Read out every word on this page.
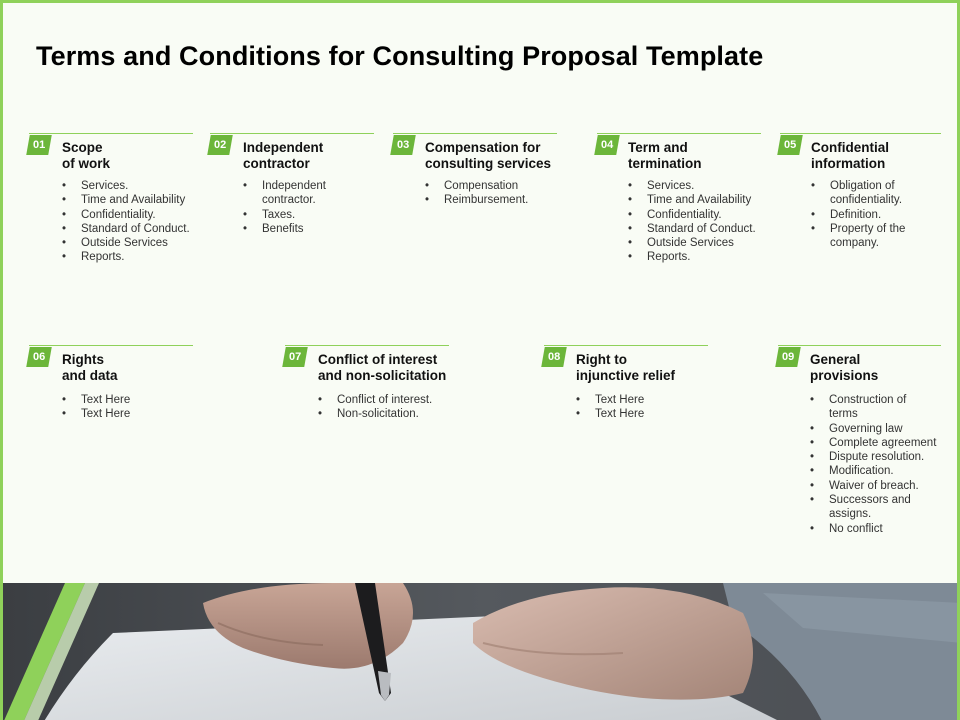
Terms and Conditions for Consulting Proposal Template
01	Scope
of work
• Services.
• Time and Availability
• Confidentiality.
• Standard of Conduct.
• Outside Services
• Reports.
02	Independent
contractor
• Independent contractor.
• Taxes.
• Benefits
03	Compensation for
consulting services
• Compensation
• Reimbursement.
04	Term and
termination
• Services.
• Time and Availability
• Confidentiality.
• Standard of Conduct.
• Outside Services
• Reports.
05	Confidential
information
• Obligation of confidentiality.
• Definition.
• Property of the company.
06	Rights
and data
• Text Here
• Text Here
07	Conflict of interest
and non-solicitation
• Conflict of interest.
• Non-solicitation.
08	Right to
injunctive relief
• Text Here
• Text Here
09	General
provisions
• Construction of terms
• Governing law
• Complete agreement
• Dispute resolution.
• Modification.
• Waiver of breach.
• Successors and assigns.
• No conflict
